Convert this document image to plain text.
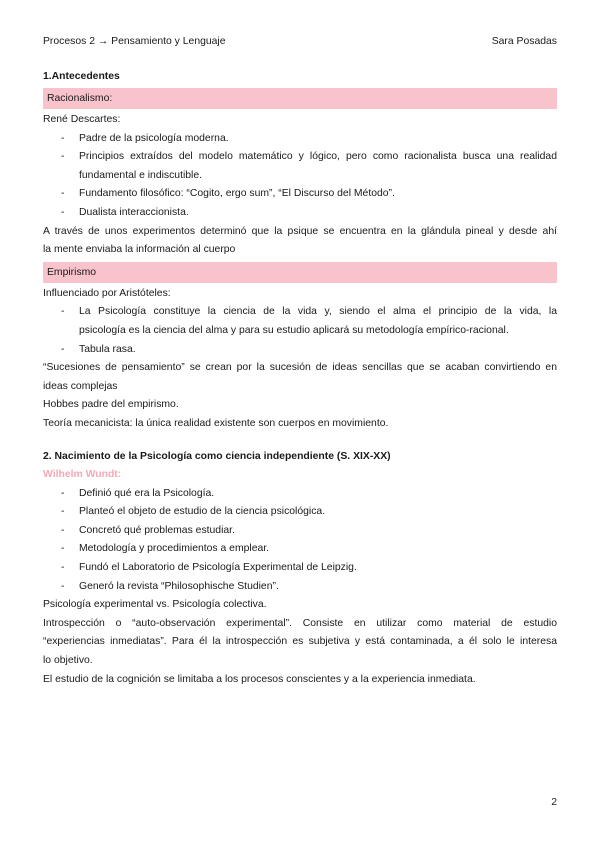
Procesos 2 → Pensamiento y Lenguaje	Sara Posadas
1.Antecedentes
Racionalismo:
René Descartes:
- Padre de la psicología moderna.
- Principios extraídos del modelo matemático y lógico, pero como racionalista busca una realidad
fundamental e indiscutible.
- Fundamento filosófico: “Cogito, ergo sum”, “El Discurso del Método”.
- Dualista interaccionista.
A través de unos experimentos determinó que la psique se encuentra en la glándula pineal y desde ahí
la mente enviaba la información al cuerpo
Empirismo
Influenciado por Aristóteles:
- La Psicología constituye la ciencia de la vida y, siendo el alma el principio de la vida, la
psicología es la ciencia del alma y para su estudio aplicará su metodología empírico-racional.
- Tabula rasa.
“Sucesiones de pensamiento” se crean por la sucesión de ideas sencillas que se acaban convirtiendo en
ideas complejas
Hobbes padre del empirismo.
Teoría mecanicista: la única realidad existente son cuerpos en movimiento.
2. Nacimiento de la Psicología como ciencia independiente (S. XIX-XX)
Wilhelm Wundt:
- Definió qué era la Psicología.
- Planteó el objeto de estudio de la ciencia psicológica.
- Concretó qué problemas estudiar.
- Metodología y procedimientos a emplear.
- Fundó el Laboratorio de Psicología Experimental de Leipzig.
- Generó la revista “Philosophische Studien”.
Psicología experimental vs. Psicología colectiva.
Introspección o “auto-observación experimental”. Consiste en utilizar como material de estudio
“experiencias inmediatas”. Para él la introspección es subjetiva y está contaminada, a él solo le interesa
lo objetivo.
El estudio de la cognición se limitaba a los procesos conscientes y a la experiencia inmediata.
2
